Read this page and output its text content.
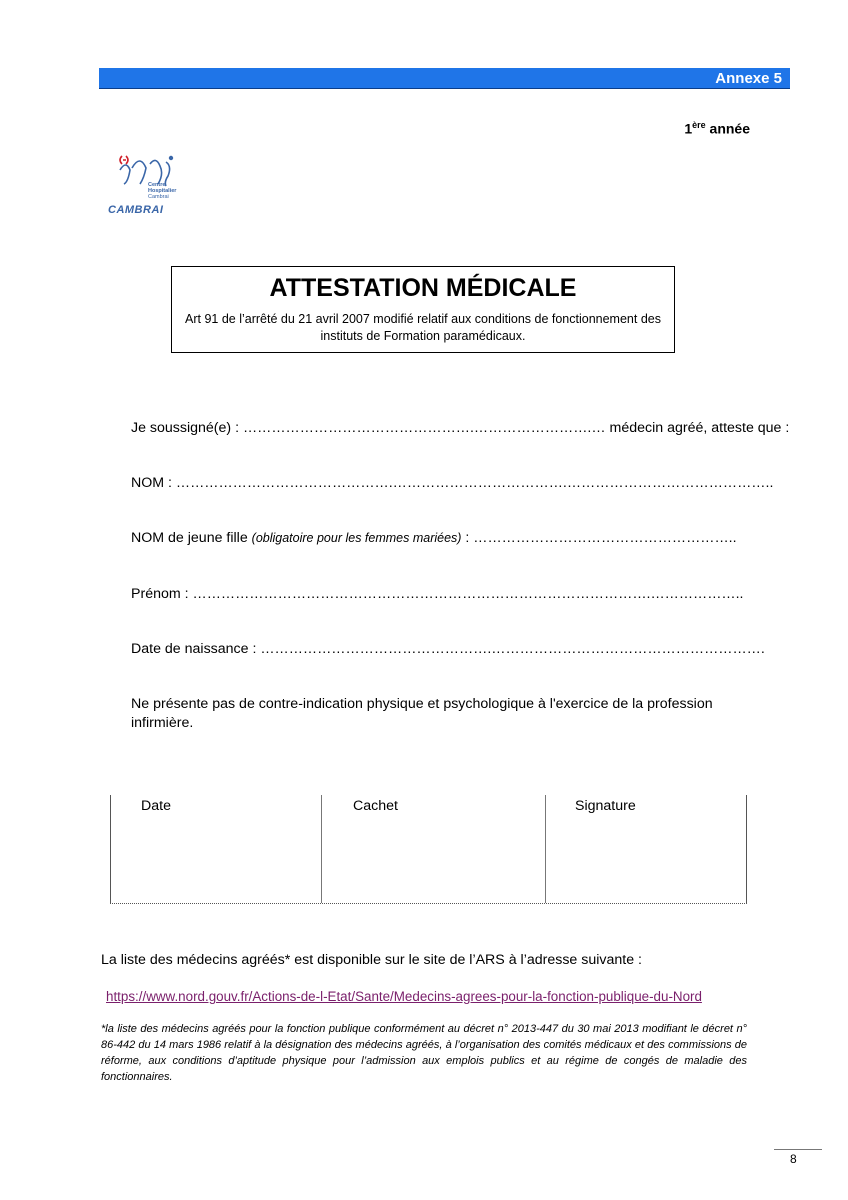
Annexe 5
1ère année
Centre
Hospitalier
Cambrai
CAMBRAI
ATTESTATION MÉDICALE
Art 91 de l’arrêté du 21 avril 2007 modifié relatif aux conditions de fonctionnement des instituts de Formation paramédicaux.
Je soussigné(e) : ………………………………………….…………………….… médecin agréé, atteste que :
NOM : ……………………………………….……………………………….……………………………………..
NOM de jeune fille (obligatoire pour les femmes mariées) : ………………………………………………..
Prénom : …………………………………………………………………………………….………………..
Date de naissance : ………………………………………….………………………………………………….
Ne présente pas de contre-indication physique et psychologique à l'exercice de la profession infirmière.
Date	Cachet	Signature
La liste des médecins agréés* est disponible sur le site de l’ARS à l’adresse suivante :
https://www.nord.gouv.fr/Actions-de-l-Etat/Sante/Medecins-agrees-pour-la-fonction-publique-du-Nord
*la liste des médecins agréés pour la fonction publique conformément au décret n° 2013-447 du 30 mai 2013 modifiant le décret n° 86-442 du 14 mars 1986 relatif à la désignation des médecins agréés, à l’organisation des comités médicaux et des commissions de réforme, aux conditions d’aptitude physique pour l’admission aux emplois publics et au régime de congés de maladie des fonctionnaires.
8
